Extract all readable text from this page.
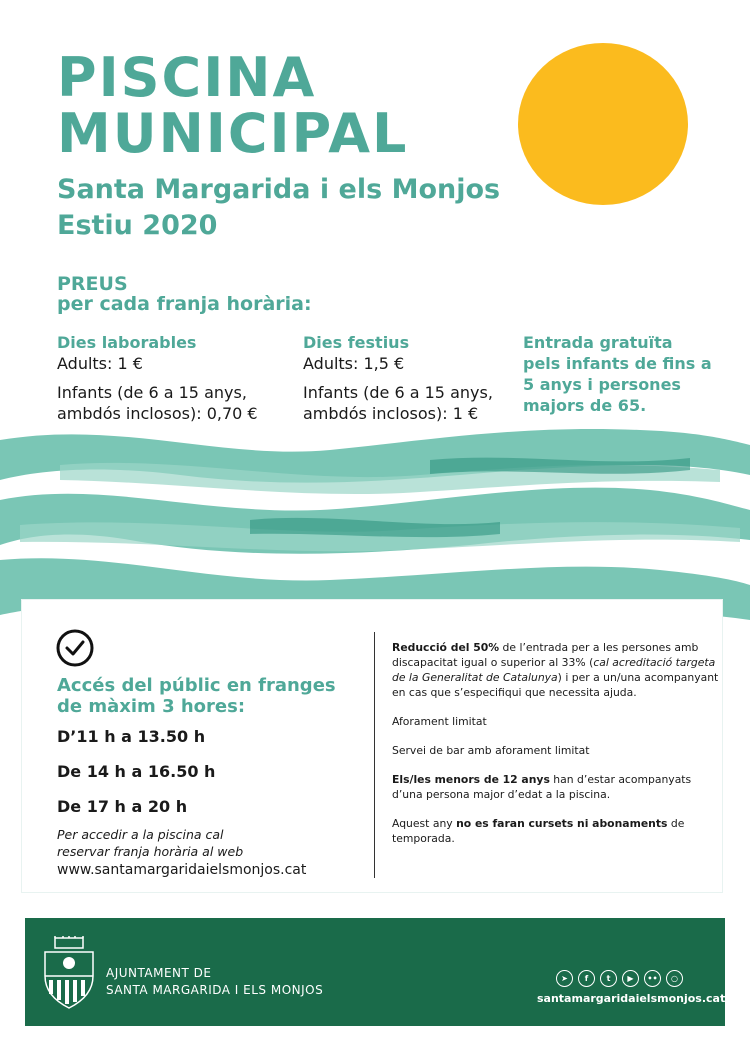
PISCINA
MUNICIPAL
Santa Margarida i els Monjos
Estiu 2020
PREUS
per cada franja horària:

Dies laborables

Adults: 1 €

Infants (de 6 a 15 anys,

ambdós inclosos): 0,70 €

Dies festius

Adults: 1,5 €

Infants (de 6 a 15 anys,

ambdós inclosos): 1 €

Entrada gratuïta pels infants de fins a 5 anys i persones majors de 65.
Accés del públic en franges de màxim 3 hores:
D’11 h a 13.50 h
De 14 h a 16.50 h
De 17 h a 20 h
Per accedir a la piscina cal
reservar franja horària al web
www.santamargaridaielsmonjos.cat

Reducció del 50% de l’entrada per a les persones amb discapacitat igual o superior al 33% (cal acreditació targeta de la Generalitat de Catalunya) i per a un/una acompanyant en cas que s’especifiqui que necessita ajuda.

Aforament limitat

Servei de bar amb aforament limitat

Els/les menors de 12 anys han d’estar acompanyats d’una persona major d’edat a la piscina.

Aquest any no es faran cursets ni abonaments de temporada.

AJUNTAMENT DE
SANTA MARGARIDA I ELS MONJOS
➤ f t ▶ •• ○
santamargaridaielsmonjos.cat
